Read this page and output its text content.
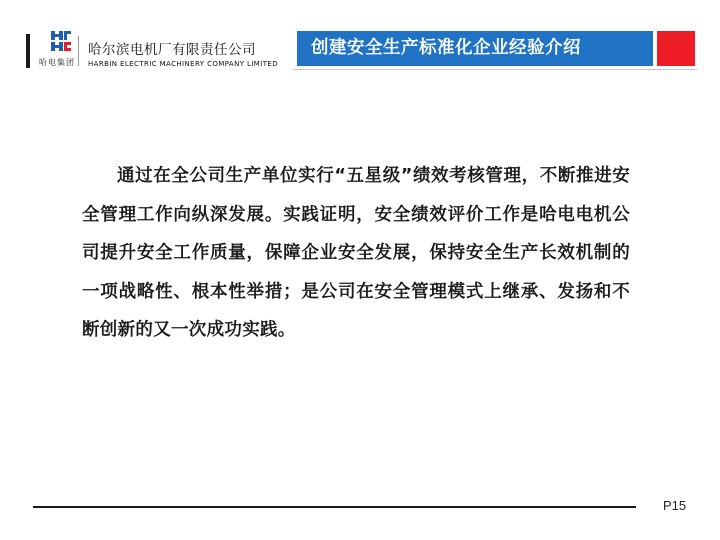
哈电集团
哈尔滨电机厂有限责任公司
HARBIN ELECTRIC MACHINERY COMPANY LIMITED
创建安全生产标准化企业经验介绍
通过在全公司生产单位实行“五星级”绩效考核管理，不断推进安全管理工作向纵深发展。实践证明，安全绩效评价工作是哈电电机公司提升安全工作质量，保障企业安全发展，保持安全生产长效机制的一项战略性、根本性举措；是公司在安全管理模式上继承、发扬和不断创新的又一次成功实践。
P15
